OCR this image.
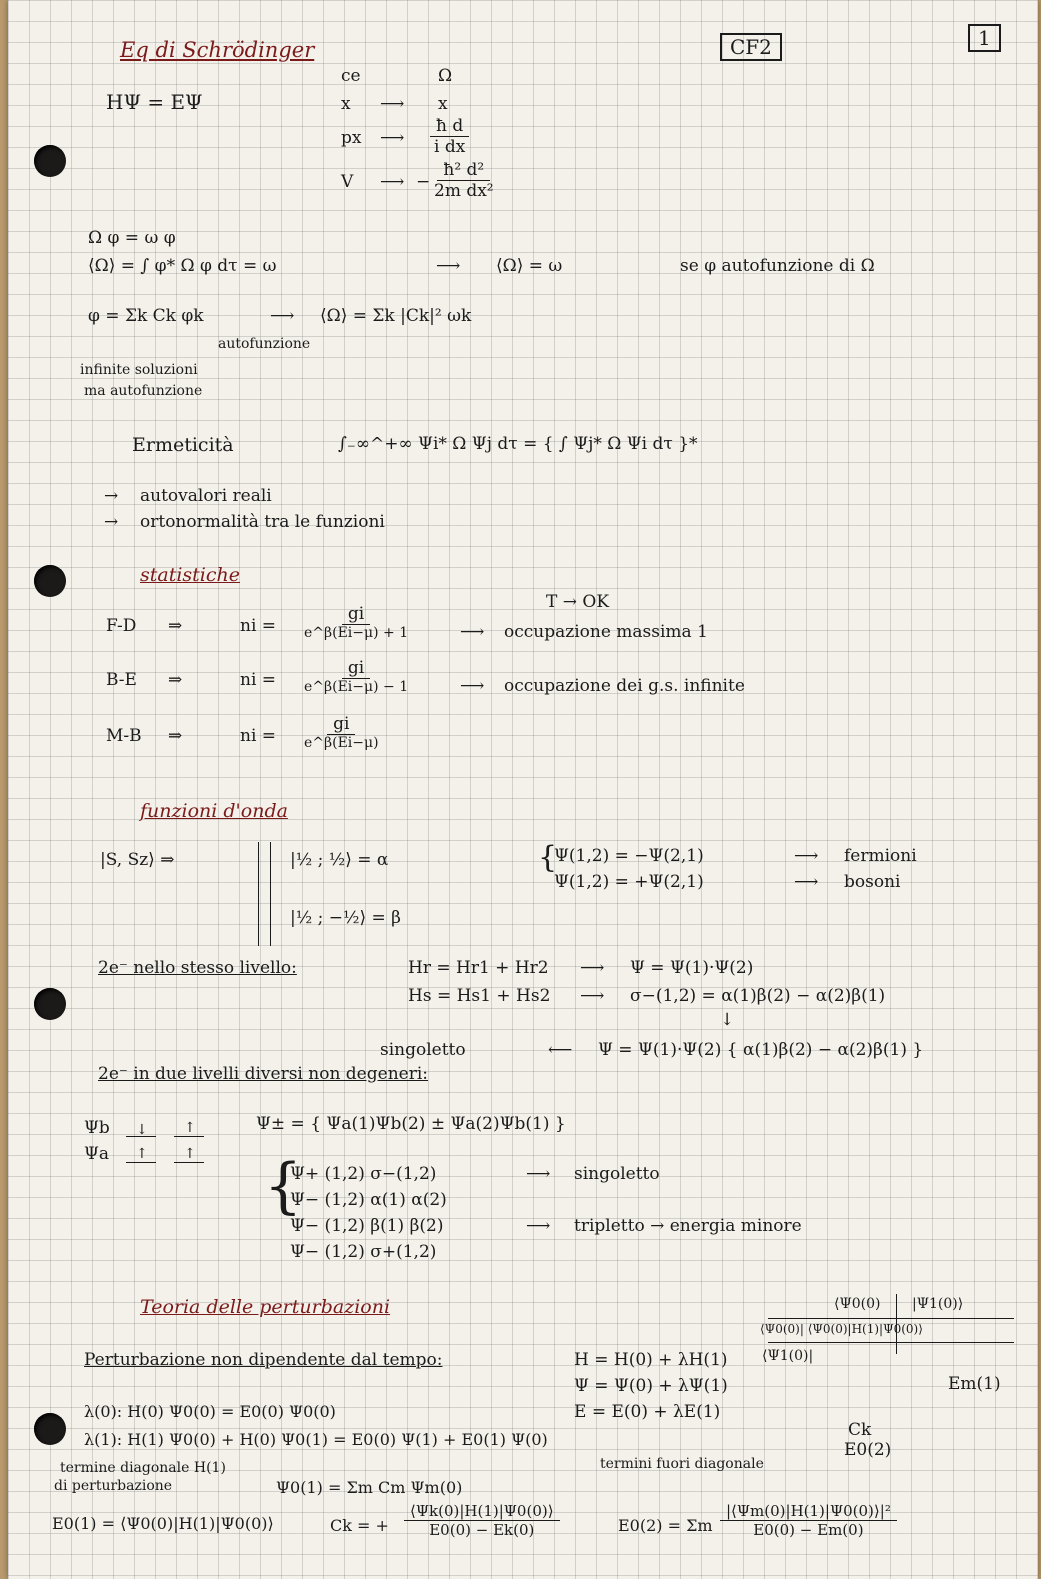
Eq di Schrödinger	CF2	1
HΨ = EΨ
ce	Ω
x ⟶ x
px ⟶ $\frac{\text{ħ d}}{\text{i dx}}$
V ⟶ −
$\frac{\text{ħ² d²}}{\text{2m dx²}}$
Ω φ = ω φ
⟨Ω⟩ = ∫ φ* Ω φ dτ = ω	⟶ ⟨Ω⟩ = ω	se φ autofunzione di Ω
φ = Σk Ck φk	⟶ ⟨Ω⟩ = Σk |Ck|² ωk
autofunzione
infinite soluzioni
ma autofunzione
Ermeticità	∫₋∞^+∞ Ψi* Ω Ψj dτ = { ∫ Ψj* Ω Ψi dτ }*
→ autovalori reali
→ ortonormalità tra le funzioni
statistiche
T → OK
F-D ⇒	ni = $\frac{gi}{e\^{}\beta(Ei-\mu) + 1}$	⟶ occupazione massima 1
B-E ⇒	ni = $\frac{gi}{e\^{}\beta(Ei-\mu) - 1}$	⟶ occupazione dei g.s. infinite
M-B ⇒	ni = $\frac{gi}{e\^{}\beta(Ei-\mu)}$
funzioni d'onda
|S, Sz⟩ ⇒	|½ ; ½⟩ = α
|½ ; −½⟩ = β
{
Ψ(1,2) = −Ψ(2,1)	⟶ fermioni
Ψ(1,2) = +Ψ(2,1)	⟶ bosoni
2e⁻ nello stesso livello:	Hr = Hr1 + Hr2 ⟶ Ψ = Ψ(1)·Ψ(2)
Hs = Hs1 + Hs2 ⟶ σ−(1,2) = α(1)β(2) − α(2)β(1)
↓
singoletto	⟵ Ψ = Ψ(1)·Ψ(2) { α(1)β(2) − α(2)β(1) }
2e⁻ in due livelli diversi non degeneri:
Ψb
Ψa
↓
↑
↑
↑
Ψ± = { Ψa(1)Ψb(2) ± Ψa(2)Ψb(1) }
{
Ψ+ (1,2) σ−(1,2)	⟶ singoletto
Ψ− (1,2) α(1) α(2)
Ψ− (1,2) β(1) β(2)	⟶ tripletto → energia minore
Ψ− (1,2) σ+(1,2)
Teoria delle perturbazioni
Perturbazione non dipendente dal tempo:	H = H(0) + λH(1)
Ψ = Ψ(0) + λΨ(1)
E = E(0) + λE(1)
λ(0): H(0) Ψ0(0) = E0(0) Ψ0(0)
λ(1): H(1) Ψ0(0) + H(0) Ψ0(1) = E0(0) Ψ(1) + E0(1) Ψ(0)
termine diagonale H(1)
di perturbazione
E0(1) = ⟨Ψ0(0)|H(1)|Ψ0(0)⟩
Ψ0(1) = Σm Cm Ψm(0)
Ck = + $\frac{⟨\Psi k(0)|H(1)|\Psi 0(0)⟩}{E0(0) - Ek(0)}$
termini fuori diagonale
E0(2) = Σm $\frac{\text{|⟨Ψm(0)|H(1)|Ψ0(0)⟩|²}}{E0(0) - Em(0)}$
⟨Ψ0(0) |Ψ1(0)⟩
⟨Ψ0(0)| ⟨Ψ0(0)|H(1)|Ψ0(0)⟩
⟨Ψ1(0)|
Em(1)
Ck
E0(2)
